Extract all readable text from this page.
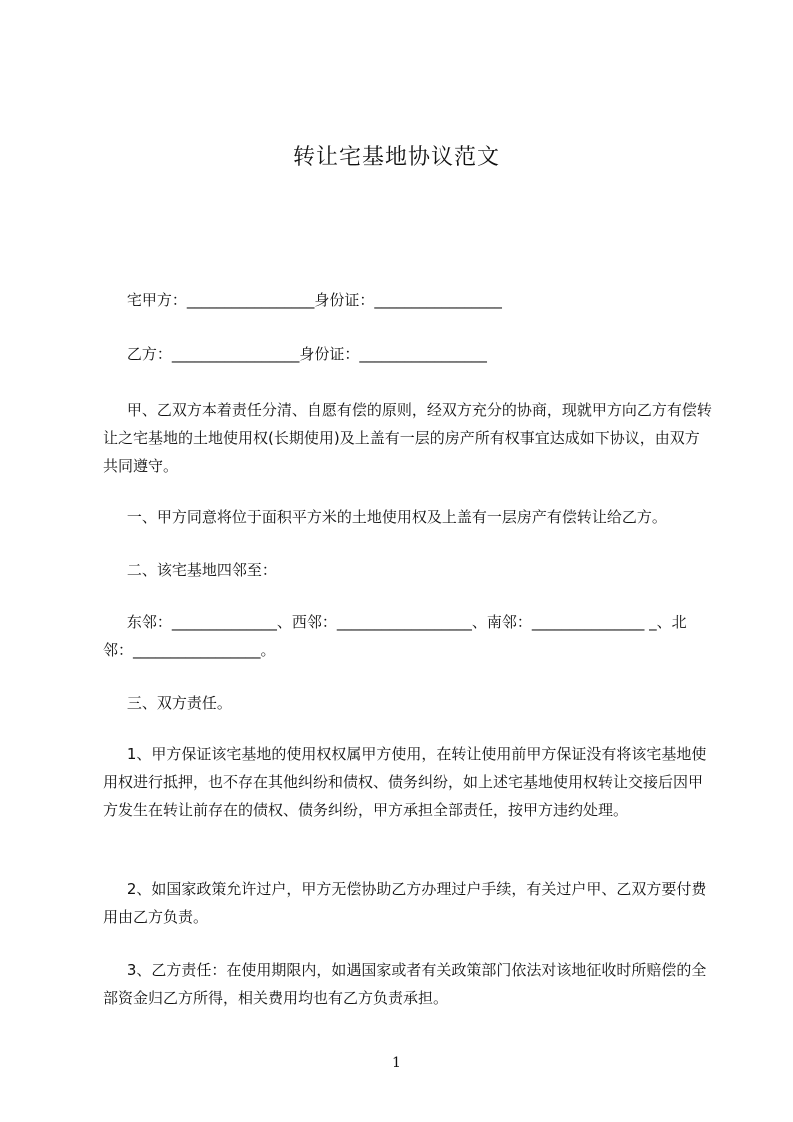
转让宅基地协议范文

宅甲方：_________________身份证：_________________

乙方：_________________身份证：_________________

甲、乙双方本着责任分清、自愿有偿的原则，经双方充分的协商，现就甲方向乙方有偿转让之宅基地的土地使用权(长期使用)及上盖有一层的房产所有权事宜达成如下协议，由双方共同遵守。

一、甲方同意将位于面积平方米的土地使用权及上盖有一层房产有偿转让给乙方。

二、该宅基地四邻至：

东邻：______________、西邻：__________________、南邻：_______________ _、北邻：_________________。

三、双方责任。

1、甲方保证该宅基地的使用权权属甲方使用，在转让使用前甲方保证没有将该宅基地使用权进行抵押，也不存在其他纠纷和债权、债务纠纷，如上述宅基地使用权转让交接后因甲方发生在转让前存在的债权、债务纠纷，甲方承担全部责任，按甲方违约处理。

2、如国家政策允许过户，甲方无偿协助乙方办理过户手续，有关过户甲、乙双方要付费用由乙方负责。

3、乙方责任：在使用期限内，如遇国家或者有关政策部门依法对该地征收时所赔偿的全部资金归乙方所得，相关费用均也有乙方负责承担。

1
